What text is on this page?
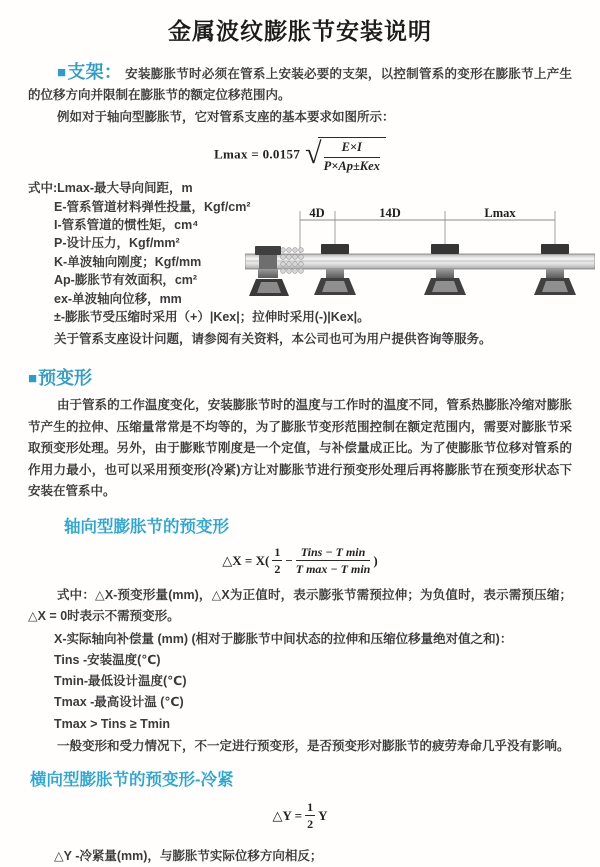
金属波纹膨胀节安装说明

■支架： 安装膨胀节时必须在管系上安装必要的支架，以控制管系的变形在膨胀节上产生的位移方向并限制在膨胀节的额定位移范围内。

例如对于轴向型膨胀节，它对管系支座的基本要求如图所示：

Lmax = 0.0157 √
$\frac{E\times I}{\text{P×Ap±Kex}}$
式中:Lmax-最大导向间距，m
E-管系管道材料弹性投量，Kgf/cm²
I-管系管道的惯性矩，cm⁴
P-设计压力，Kgf/mm²
K-单波轴向刚度；Kgf/mm
Ap-膨胀节有效面积，cm²
ex-单波轴向位移，mm
±-膨胀节受压缩时采用（+）|Kex|；拉伸时采用(-)|Kex|。
4D	14D	Lmax

关于管系支座设计问题，请参阅有关资料，本公司也可为用户提供咨询等服务。

■预变形

由于管系的工作温度变化，安装膨胀节时的温度与工作时的温度不同，管系热膨胀冷缩对膨胀节产生的拉伸、压缩量常常是不均等的，为了膨胀节变形范围控制在额定范围内，需要对膨胀节采取预变形处理。另外，由于膨账节刚度是一个定值，与补偿量成正比。为了使膨胀节位移对管系的作用力最小，也可以采用预变形(冷紧)方让对膨胀节进行预变形处理后再将膨胀节在预变形状态下安装在管系中。

轴向型膨胀节的预变形
△X = $X( \frac{1}{2} - \frac{\text{Tins − T min}}{\text{T max − T min}}$ )

式中：△X-预变形量(mm)，△X为正值时，表示膨张节需预拉伸；为负值时，表示需预压缩；△X = 0时表示不需预变形。

X-实际轴向补偿量 (mm) (相对于膨胀节中间状态的拉伸和压缩位移量绝对值之和)：
Tins -安装温度(℃)
Tmin-最低设计温度(℃)
Tmax -最高设计温 (℃)
Tmax > Tins ≥ Tmin

一般变形和受力情况下，不一定进行预变形，是否预变形对膨胀节的疲劳寿命几乎没有影响。

横向型膨胀节的预变形-冷紧
△Y = $\frac{1}{2}$ Y

△Y -冷紧量(mm)，与膨胀节实际位移方向相反；
